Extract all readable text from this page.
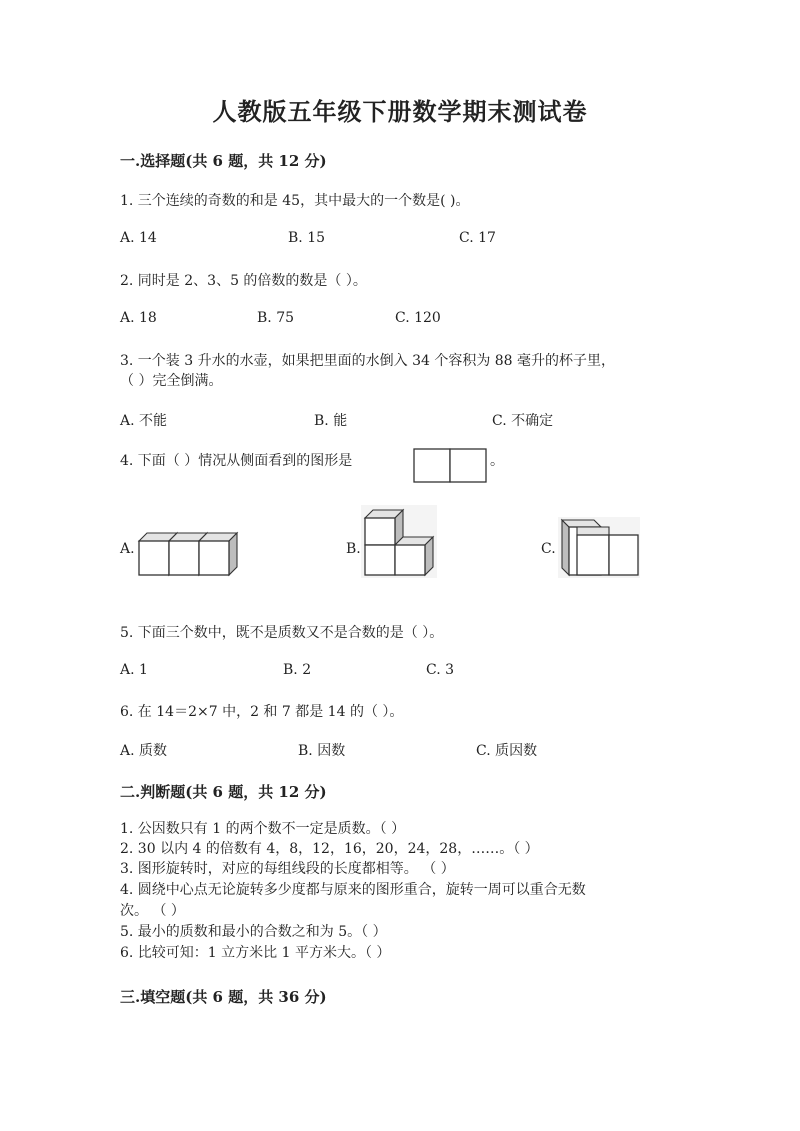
人教版五年级下册数学期末测试卷
一.选择题(共 6 题，共 12 分)
1. 三个连续的奇数的和是 45，其中最大的一个数是( )。
A. 14	B. 15	C. 17
2. 同时是 2、3、5 的倍数的数是（ ）。
A. 18	B. 75	C. 120
3. 一个装 3 升水的水壶，如果把里面的水倒入 34 个容积为 88 毫升的杯子里，
（ ）完全倒满。
A. 不能	B. 能	C. 不确定
4. 下面（ ）情况从侧面看到的图形是	。
A.	B.	C.
5. 下面三个数中，既不是质数又不是合数的是（ ）。
A. 1	B. 2	C. 3
6. 在 14＝2×7 中，2 和 7 都是 14 的（ ）。
A. 质数	B. 因数	C. 质因数
二.判断题(共 6 题，共 12 分)
1. 公因数只有 1 的两个数不一定是质数。（ ）
2. 30 以内 4 的倍数有 4，8，12，16，20，24，28，……。（ ）
3. 图形旋转时，对应的每组线段的长度都相等。 （ ）
4. 圆绕中心点无论旋转多少度都与原来的图形重合，旋转一周可以重合无数
次。 （ ）
5. 最小的质数和最小的合数之和为 5。（ ）
6. 比较可知：1 立方米比 1 平方米大。（ ）
三.填空题(共 6 题，共 36 分)
